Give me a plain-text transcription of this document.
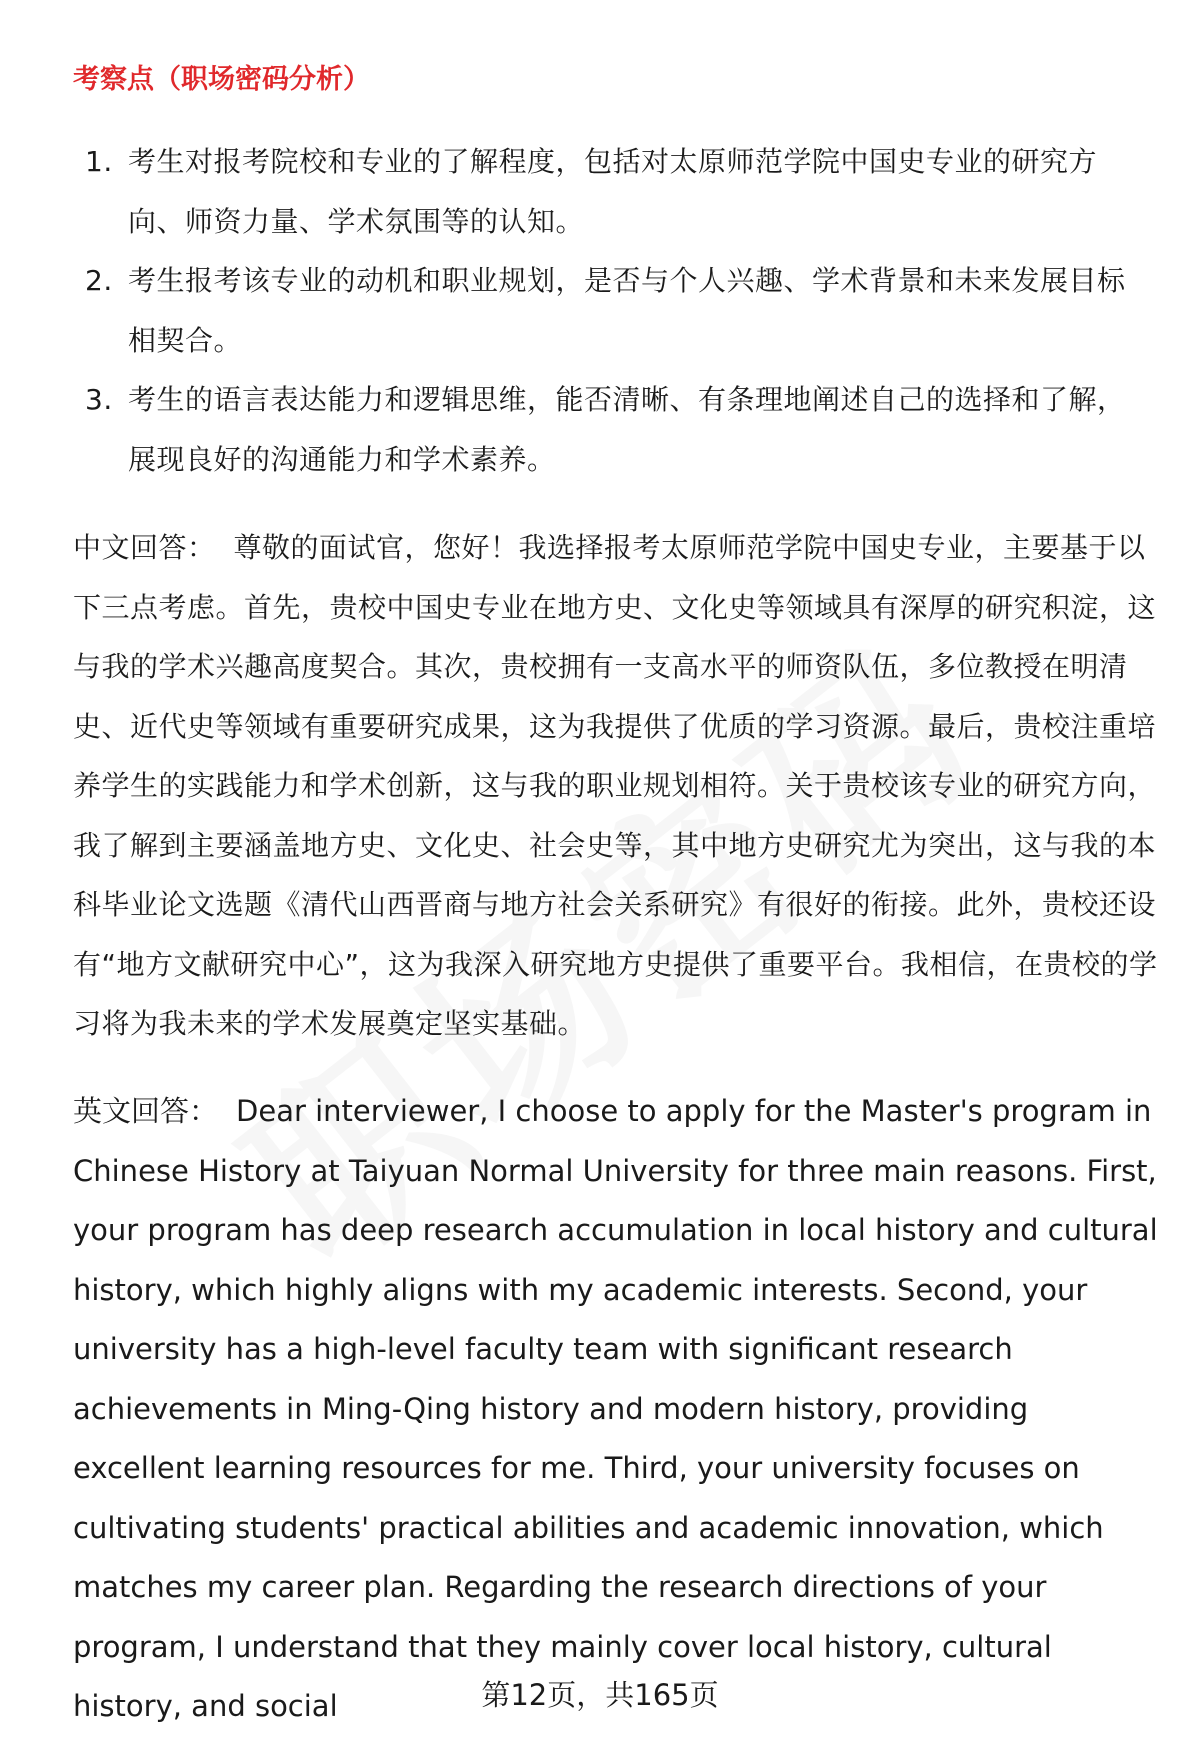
考察点（职场密码分析）
1. 考生对报考院校和专业的了解程度，包括对太原师范学院中国史专业的研究方向、师资力量、学术氛围等的认知。
2. 考生报考该专业的动机和职业规划，是否与个人兴趣、学术背景和未来发展目标相契合。
3. 考生的语言表达能力和逻辑思维，能否清晰、有条理地阐述自己的选择和了解，展现良好的沟通能力和学术素养。
中文回答： 尊敬的面试官，您好！我选择报考太原师范学院中国史专业，主要基于以下三点考虑。首先，贵校中国史专业在地方史、文化史等领域具有深厚的研究积淀，这与我的学术兴趣高度契合。其次，贵校拥有一支高水平的师资队伍，多位教授在明清史、近代史等领域有重要研究成果，这为我提供了优质的学习资源。最后，贵校注重培养学生的实践能力和学术创新，这与我的职业规划相符。关于贵校该专业的研究方向，我了解到主要涵盖地方史、文化史、社会史等，其中地方史研究尤为突出，这与我的本科毕业论文选题《清代山西晋商与地方社会关系研究》有很好的衔接。此外，贵校还设有“地方文献研究中心”，这为我深入研究地方史提供了重要平台。我相信，在贵校的学习将为我未来的学术发展奠定坚实基础。
英文回答： Dear interviewer, I choose to apply for the Master's program in Chinese History at Taiyuan Normal University for three main reasons. First, your program has deep research accumulation in local history and cultural history, which highly aligns with my academic interests. Second, your university has a high-level faculty team with significant research achievements in Ming-Qing history and modern history, providing excellent learning resources for me. Third, your university focuses on cultivating students' practical abilities and academic innovation, which matches my career plan. Regarding the research directions of your program, I understand that they mainly cover local history, cultural history, and social	第12页，共165页
